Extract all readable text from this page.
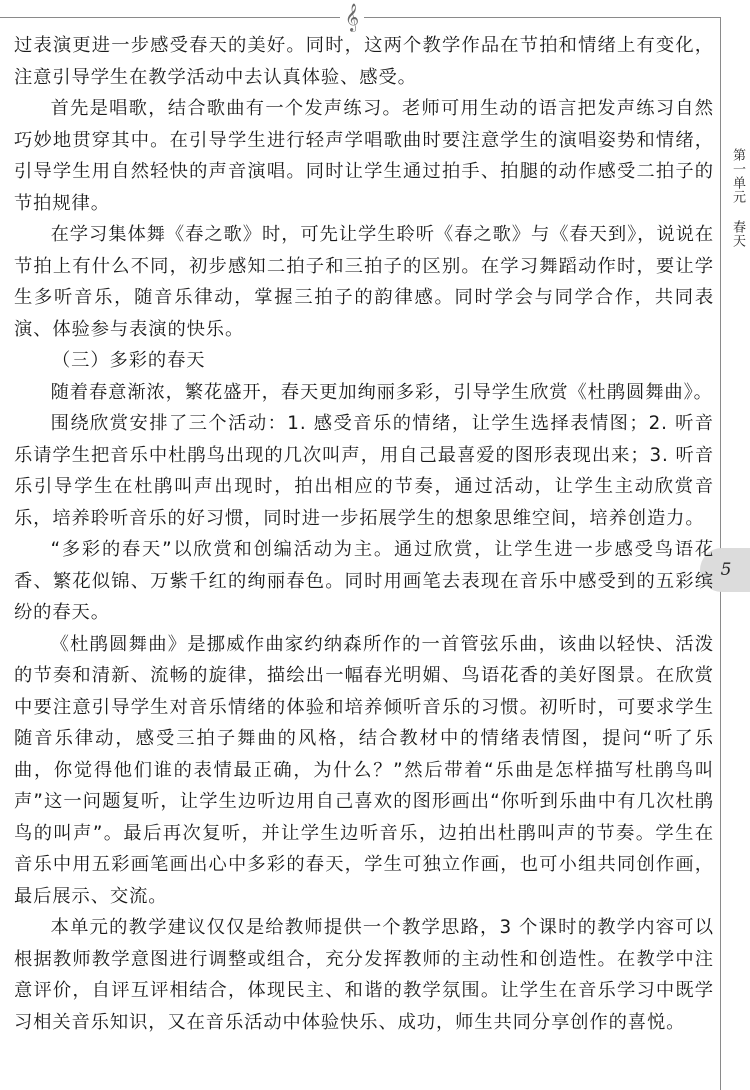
𝄞
第一单元 春天
5

过表演更进一步感受春天的美好。同时，这两个教学作品在节拍和情绪上有变化，注意引导学生在教学活动中去认真体验、感受。

首先是唱歌，结合歌曲有一个发声练习。老师可用生动的语言把发声练习自然巧妙地贯穿其中。在引导学生进行轻声学唱歌曲时要注意学生的演唱姿势和情绪，引导学生用自然轻快的声音演唱。同时让学生通过拍手、拍腿的动作感受二拍子的节拍规律。

在学习集体舞《春之歌》时，可先让学生聆听《春之歌》与《春天到》，说说在节拍上有什么不同，初步感知二拍子和三拍子的区别。在学习舞蹈动作时，要让学生多听音乐，随音乐律动，掌握三拍子的韵律感。同时学会与同学合作，共同表演、体验参与表演的快乐。

（三）多彩的春天

随着春意渐浓，繁花盛开，春天更加绚丽多彩，引导学生欣赏《杜鹃圆舞曲》。

围绕欣赏安排了三个活动：1. 感受音乐的情绪，让学生选择表情图；2. 听音乐请学生把音乐中杜鹃鸟出现的几次叫声，用自己最喜爱的图形表现出来；3. 听音乐引导学生在杜鹃叫声出现时，拍出相应的节奏，通过活动，让学生主动欣赏音乐，培养聆听音乐的好习惯，同时进一步拓展学生的想象思维空间，培养创造力。

“多彩的春天”以欣赏和创编活动为主。通过欣赏，让学生进一步感受鸟语花香、繁花似锦、万紫千红的绚丽春色。同时用画笔去表现在音乐中感受到的五彩缤纷的春天。

《杜鹃圆舞曲》是挪威作曲家约纳森所作的一首管弦乐曲，该曲以轻快、活泼的节奏和清新、流畅的旋律，描绘出一幅春光明媚、鸟语花香的美好图景。在欣赏中要注意引导学生对音乐情绪的体验和培养倾听音乐的习惯。初听时，可要求学生随音乐律动，感受三拍子舞曲的风格，结合教材中的情绪表情图，提问“听了乐曲，你觉得他们谁的表情最正确，为什么？”然后带着“乐曲是怎样描写杜鹃鸟叫声”这一问题复听，让学生边听边用自己喜欢的图形画出“你听到乐曲中有几次杜鹃鸟的叫声”。最后再次复听，并让学生边听音乐，边拍出杜鹃叫声的节奏。学生在音乐中用五彩画笔画出心中多彩的春天，学生可独立作画，也可小组共同创作画，最后展示、交流。

本单元的教学建议仅仅是给教师提供一个教学思路，3 个课时的教学内容可以根据教师教学意图进行调整或组合，充分发挥教师的主动性和创造性。在教学中注意评价，自评互评相结合，体现民主、和谐的教学氛围。让学生在音乐学习中既学习相关音乐知识，又在音乐活动中体验快乐、成功，师生共同分享创作的喜悦。
